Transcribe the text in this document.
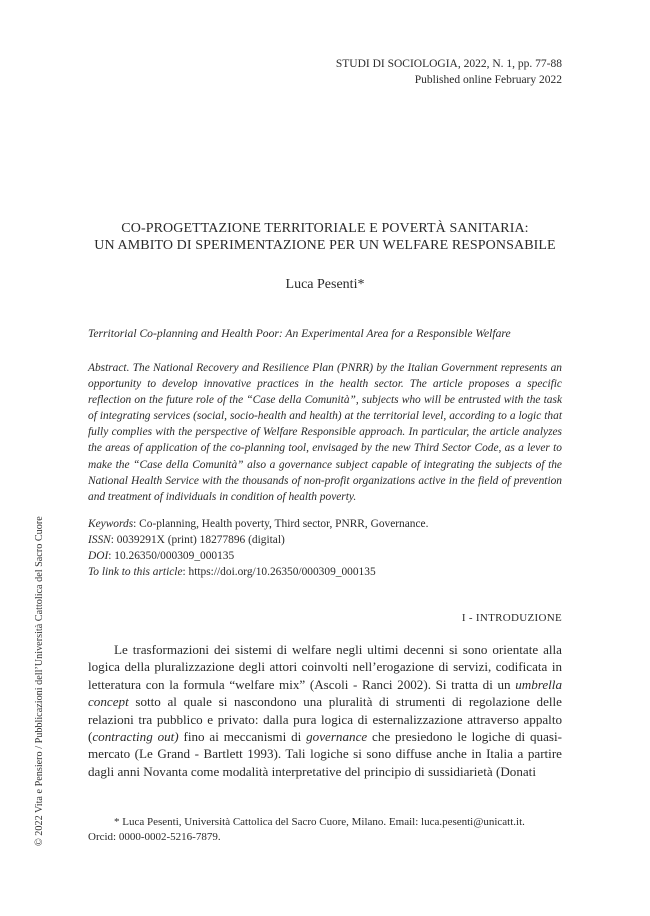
STUDI DI SOCIOLOGIA, 2022, N. 1, pp. 77-88
Published online February 2022
CO-PROGETTAZIONE TERRITORIALE E POVERTÀ SANITARIA:
UN AMBITO DI SPERIMENTAZIONE PER UN WELFARE RESPONSABILE
Luca Pesenti*
Territorial Co-planning and Health Poor: An Experimental Area for a Responsible Welfare
Abstract. The National Recovery and Resilience Plan (PNRR) by the Italian Government represents an opportunity to develop innovative practices in the health sector. The article proposes a specific reflection on the future role of the “Case della Comunità”, subjects who will be entrusted with the task of integrating services (social, socio-health and health) at the territorial level, according to a logic that fully complies with the perspective of Welfare Responsible approach. In particular, the article analyzes the areas of application of the co-planning tool, envisaged by the new Third Sector Code, as a lever to make the “Case della Comunità” also a governance subject capable of integrating the subjects of the National Health Service with the thousands of non-profit organizations active in the field of prevention and treatment of individuals in condition of health poverty.
Keywords: Co-planning, Health poverty, Third sector, PNRR, Governance.
ISSN: 0039291X (print) 18277896 (digital)
DOI: 10.26350/000309_000135
To link to this article: https://doi.org/10.26350/000309_000135
I - INTRODUZIONE
Le trasformazioni dei sistemi di welfare negli ultimi decenni si sono orientate alla logica della pluralizzazione degli attori coinvolti nell’erogazione di servizi, codificata in letteratura con la formula “welfare mix” (Ascoli - Ranci 2002). Si tratta di un umbrella concept sotto al quale si nascondono una pluralità di strumenti di regolazione delle relazioni tra pubblico e privato: dalla pura logica di esternalizzazione attraverso appalto (contracting out) fino ai meccanismi di governance che presiedono le logiche di quasi-mercato (Le Grand - Bartlett 1993). Tali logiche si sono diffuse anche in Italia a partire dagli anni Novanta come modalità interpretative del principio di sussidiarietà (Donati
* Luca Pesenti, Università Cattolica del Sacro Cuore, Milano. Email: luca.pesenti@unicatt.it.
Orcid: 0000-0002-5216-7879.
© 2022 Vita e Pensiero / Pubblicazioni dell’Università Cattolica del Sacro Cuore
